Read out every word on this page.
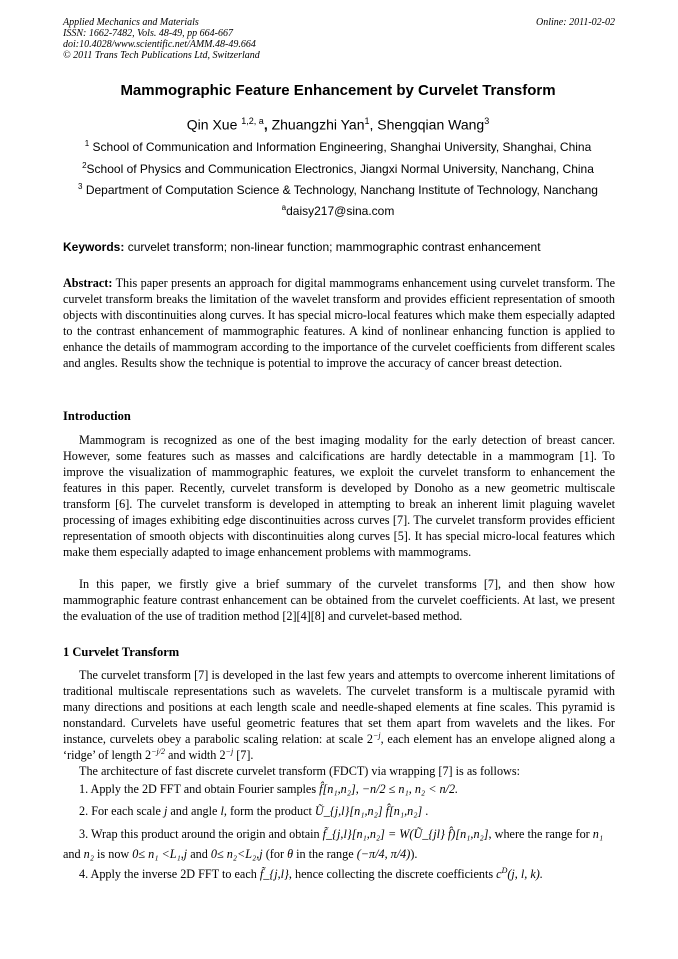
Applied Mechanics and Materials
ISSN: 1662-7482, Vols. 48-49, pp 664-667
doi:10.4028/www.scientific.net/AMM.48-49.664
© 2011 Trans Tech Publications Ltd, Switzerland
Online: 2011-02-02
Mammographic Feature Enhancement by Curvelet Transform
Qin Xue $^{1,2, a}$, Zhuangzhi Yan$^1$, Shengqian Wang$^3$
$^1$ School of Communication and Information Engineering, Shanghai University, Shanghai, China
$^2$School of Physics and Communication Electronics, Jiangxi Normal University, Nanchang, China
$^3$ Department of Computation Science & Technology, Nanchang Institute of Technology, Nanchang
$^a$daisy217@sina.com
Keywords: curvelet transform; non-linear function; mammographic contrast enhancement
Abstract: This paper presents an approach for digital mammograms enhancement using curvelet transform. The curvelet transform breaks the limitation of the wavelet transform and provides efficient representation of smooth objects with discontinuities along curves. It has special micro-local features which make them especially adapted to the contrast enhancement of mammographic features. A kind of nonlinear enhancing function is applied to enhance the details of mammogram according to the importance of the curvelet coefficients from different scales and angles. Results show the technique is potential to improve the accuracy of cancer breast detection.
Introduction
Mammogram is recognized as one of the best imaging modality for the early detection of breast cancer. However, some features such as masses and calcifications are hardly detectable in a mammogram [1]. To improve the visualization of mammographic features, we exploit the curvelet transform to enhancement the features in this paper. Recently, curvelet transform is developed by Donoho as a new geometric multiscale transform [6]. The curvelet transform is developed in attempting to break an inherent limit plaguing wavelet processing of images exhibiting edge discontinuities across curves [7]. The curvelet transform provides efficient representation of smooth objects with discontinuities along curves [5]. It has special micro-local features which make them especially adapted to image enhancement problems with mammograms.
In this paper, we firstly give a brief summary of the curvelet transforms [7], and then show how mammographic feature contrast enhancement can be obtained from the curvelet coefficients. At last, we present the evaluation of the use of tradition method [2][4][8] and curvelet-based method.
1 Curvelet Transform
The curvelet transform [7] is developed in the last few years and attempts to overcome inherent limitations of traditional multiscale representations such as wavelets. The curvelet transform is a multiscale pyramid with many directions and positions at each length scale and needle-shaped elements at fine scales. This pyramid is nonstandard. Curvelets have useful geometric features that set them apart from wavelets and the likes. For instance, curvelets obey a parabolic scaling relation: at scale $2^{-j}$, each element has an envelope aligned along a ‘ridge’ of length $2^{-j/2}$ and width $2^{-j}$ [7].
The architecture of fast discrete curvelet transform (FDCT) via wrapping [7] is as follows:
1. Apply the 2D FFT and obtain Fourier samples f̂[n₁,n₂], −n/2 ≤ n₁, n₂ < n/2.
2. For each scale j and angle l, form the product Ũ_{j,l}[n₁,n₂] f̂[n₁,n₂] .
3. Wrap this product around the origin and obtain f̃_{j,l}[n₁,n₂] = W(Ũ_{jl} f̂)[n₁,n₂], where the range for n₁
and n₂ is now 0≤ n₁ <L₁,j and 0≤ n₂<L₂,j (for θ in the range (−π/4, π/4)).
4. Apply the inverse 2D FFT to each f̃_{j,l}, hence collecting the discrete coefficients $c^D(j$, l, k).
